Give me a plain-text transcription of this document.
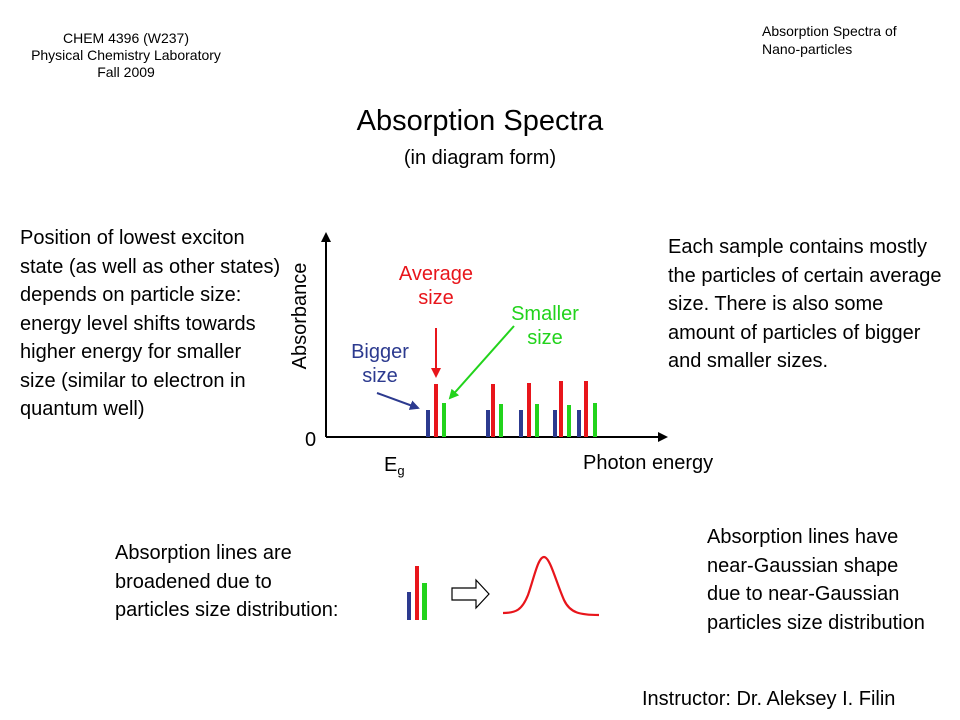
CHEM 4396 (W237)
Physical Chemistry Laboratory
Fall 2009
Absorption Spectra of
Nano-particles
Absorption Spectra
(in diagram form)
Position of lowest exciton state (as well as other states) depends on particle size: energy level shifts towards higher energy for smaller size (similar to electron in quantum well)
Each sample contains mostly the particles of certain average size. There is also some amount of particles of bigger and smaller sizes.
Absorbance
0
$E_g$	Photon energy
Average
size
Smaller
size
Bigger
size
Absorption lines are broadened due to particles size distribution:
Absorption lines have near-Gaussian shape due to near-Gaussian particles size distribution
Instructor: Dr. Aleksey I. Filin
